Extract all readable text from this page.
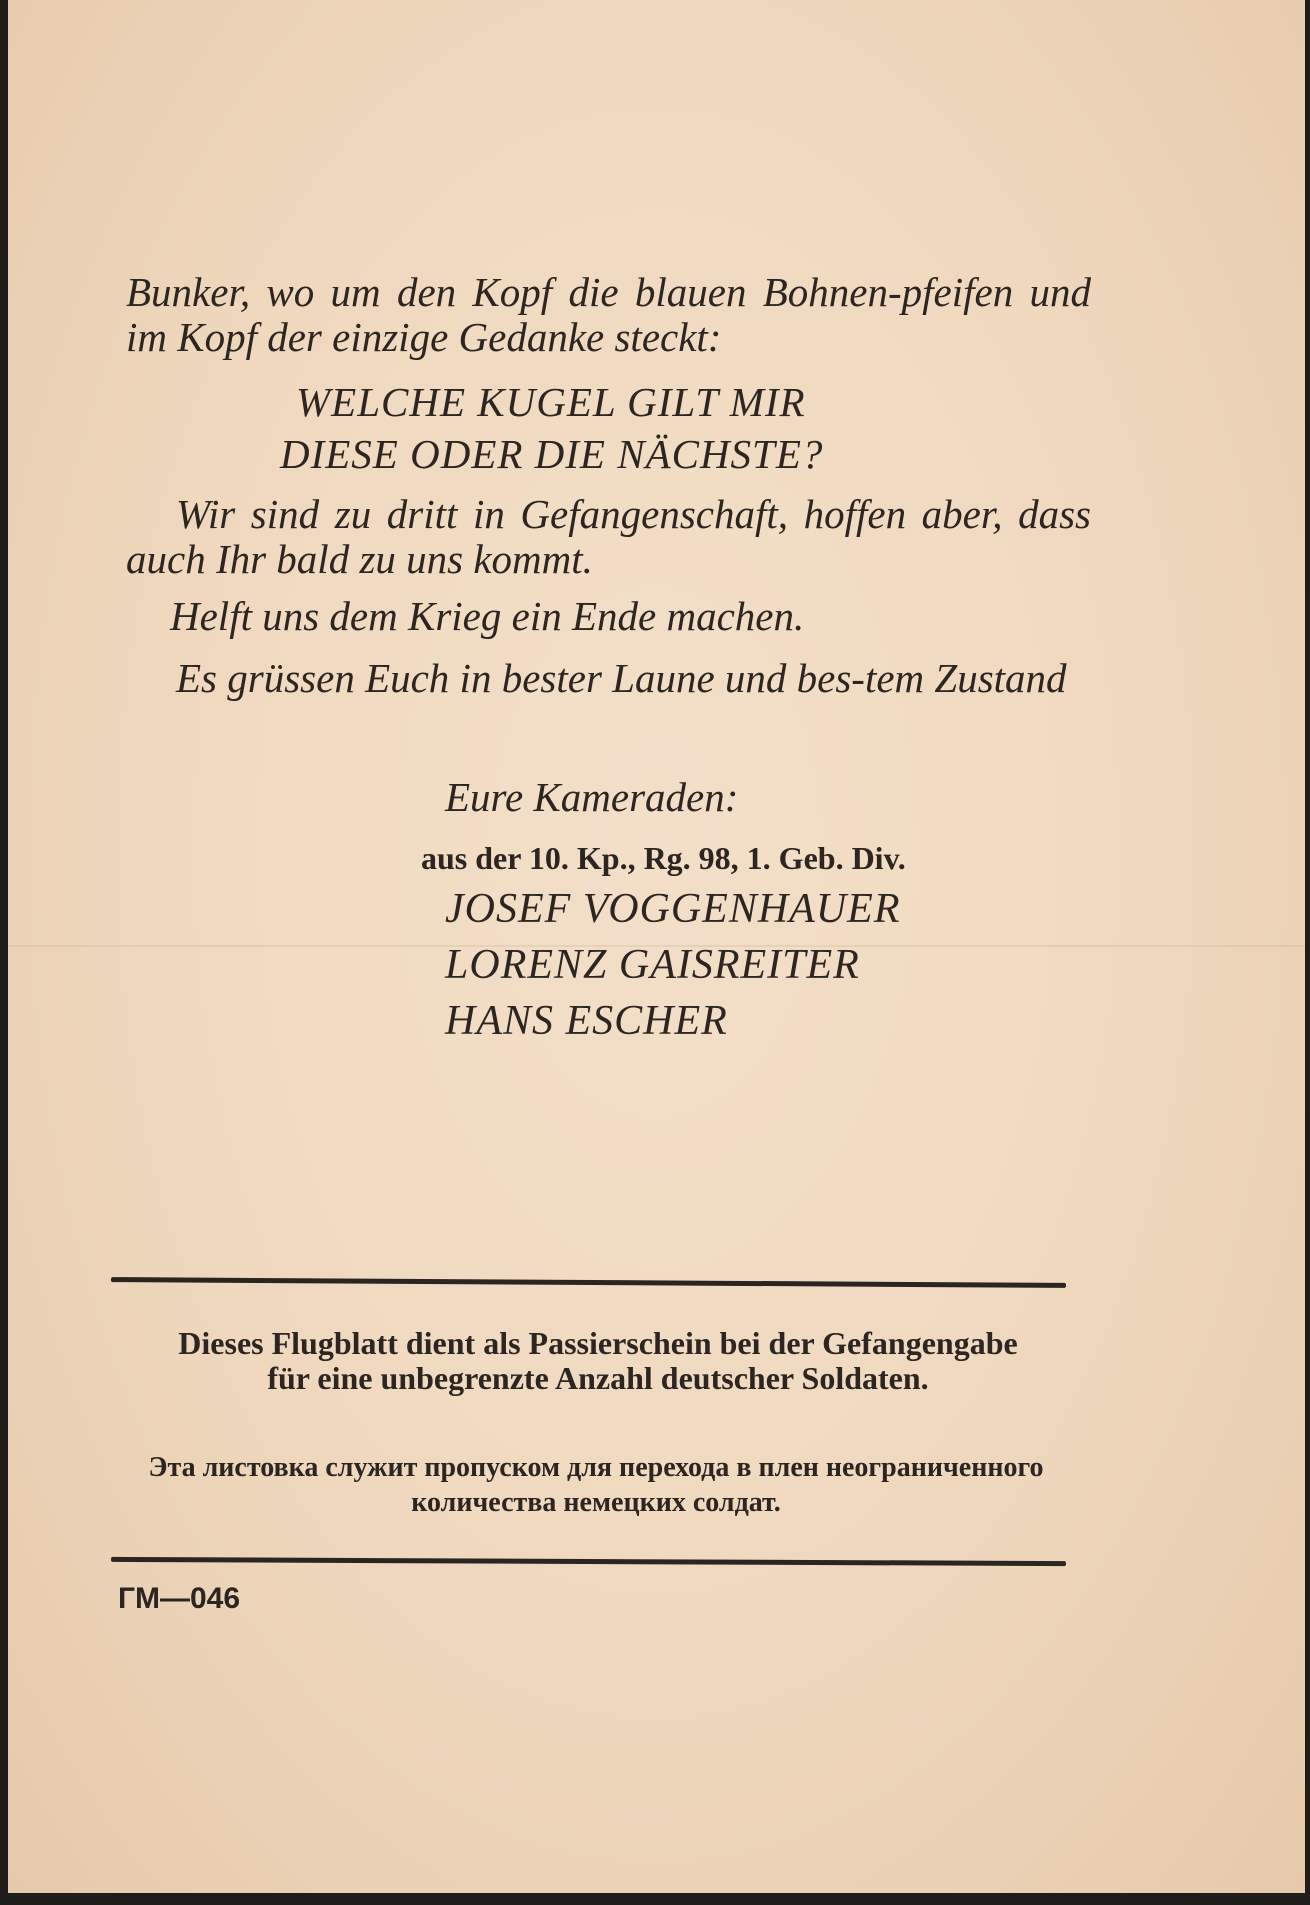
Bunker, wo um den Kopf die blauen Bohnen-pfeifen und im Kopf der einzige Gedanke steckt:
WELCHE KUGEL GILT MIR
DIESE ODER DIE NÄCHSTE?
Wir sind zu dritt in Gefangenschaft, hoffen aber, dass auch Ihr bald zu uns kommt.
Helft uns dem Krieg ein Ende machen.
Es grüssen Euch in bester Laune und bes-tem Zustand
Eure Kameraden:
aus der 10. Kp., Rg. 98, 1. Geb. Div.
JOSEF VOGGENHAUER
LORENZ GAISREITER
HANS ESCHER
Dieses Flugblatt dient als Passierschein bei der Gefangengabe für eine unbegrenzte Anzahl deutscher Soldaten.
Эта листовка служит пропуском для перехода в плен неограниченного количества немецких солдат.
ГМ—046
